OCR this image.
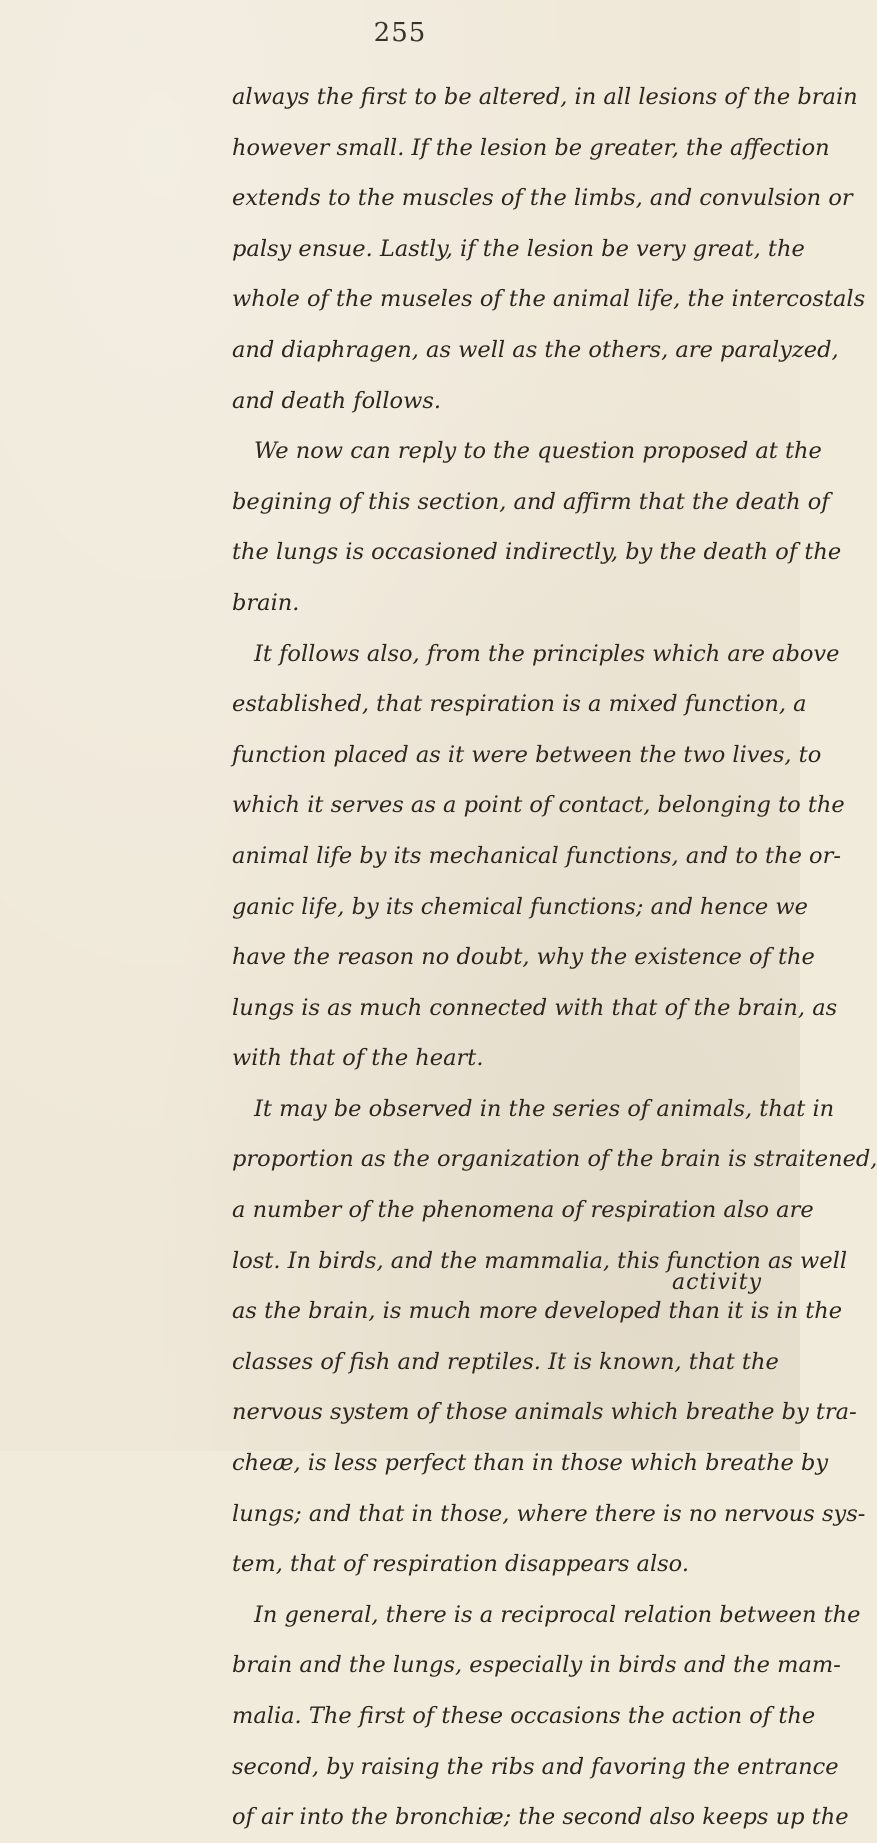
255
always the first to be altered, in all lesions of the brain
however small. If the lesion be greater, the affection
extends to the muscles of the limbs, and convulsion or
palsy ensue. Lastly, if the lesion be very great, the
whole of the museles of the animal life, the intercostals
and diaphragen, as well as the others, are paralyzed,
and death follows.
We now can reply to the question proposed at the
begining of this section, and affirm that the death of
the lungs is occasioned indirectly, by the death of the
brain.
It follows also, from the principles which are above
established, that respiration is a mixed function, a
function placed as it were between the two lives, to
which it serves as a point of contact, belonging to the
animal life by its mechanical functions, and to the or-
ganic life, by its chemical functions; and hence we
have the reason no doubt, why the existence of the
lungs is as much connected with that of the brain, as
with that of the heart.
It may be observed in the series of animals, that in
proportion as the organization of the brain is straitened,
a number of the phenomena of respiration also are
lost. In birds, and the mammalia, this function as well
as the brain, is much more developed than it is in the
classes of fish and reptiles. It is known, that the
nervous system of those animals which breathe by tra-
cheæ, is less perfect than in those which breathe by
lungs; and that in those, where there is no nervous sys-
tem, that of respiration disappears also.
In general, there is a reciprocal relation between the
brain and the lungs, especially in birds and the mam-
malia. The first of these occasions the action of the
second, by raising the ribs and favoring the entrance
of air into the bronchiæ; the second also keeps up the
activity
